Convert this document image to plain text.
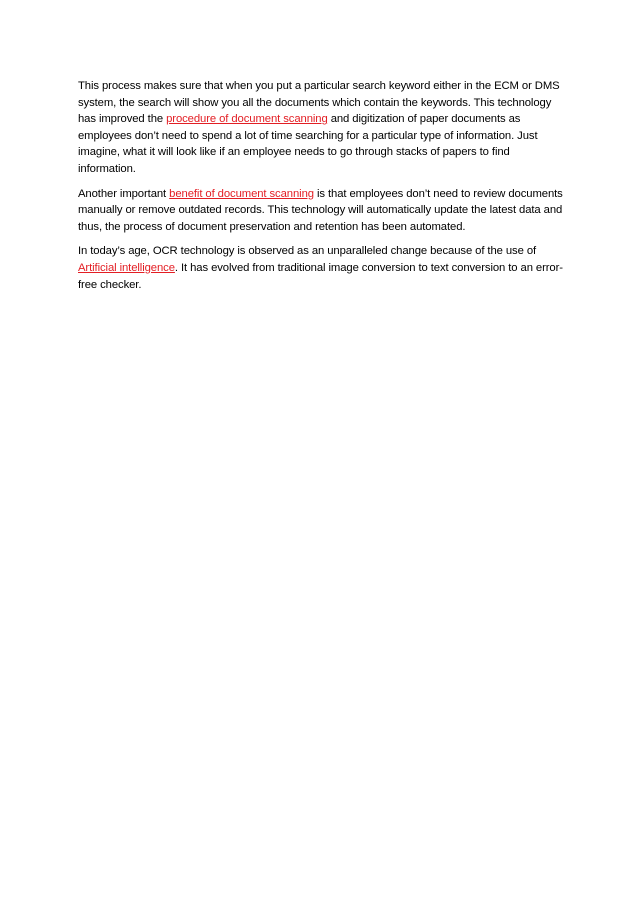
This process makes sure that when you put a particular search keyword either in the ECM or DMS system, the search will show you all the documents which contain the keywords. This technology has improved the procedure of document scanning and digitization of paper documents as employees don’t need to spend a lot of time searching for a particular type of information. Just imagine, what it will look like if an employee needs to go through stacks of papers to find information.

Another important benefit of document scanning is that employees don’t need to review documents manually or remove outdated records. This technology will automatically update the latest data and thus, the process of document preservation and retention has been automated.

In today’s age, OCR technology is observed as an unparalleled change because of the use of Artificial intelligence. It has evolved from traditional image conversion to text conversion to an error-free checker.
